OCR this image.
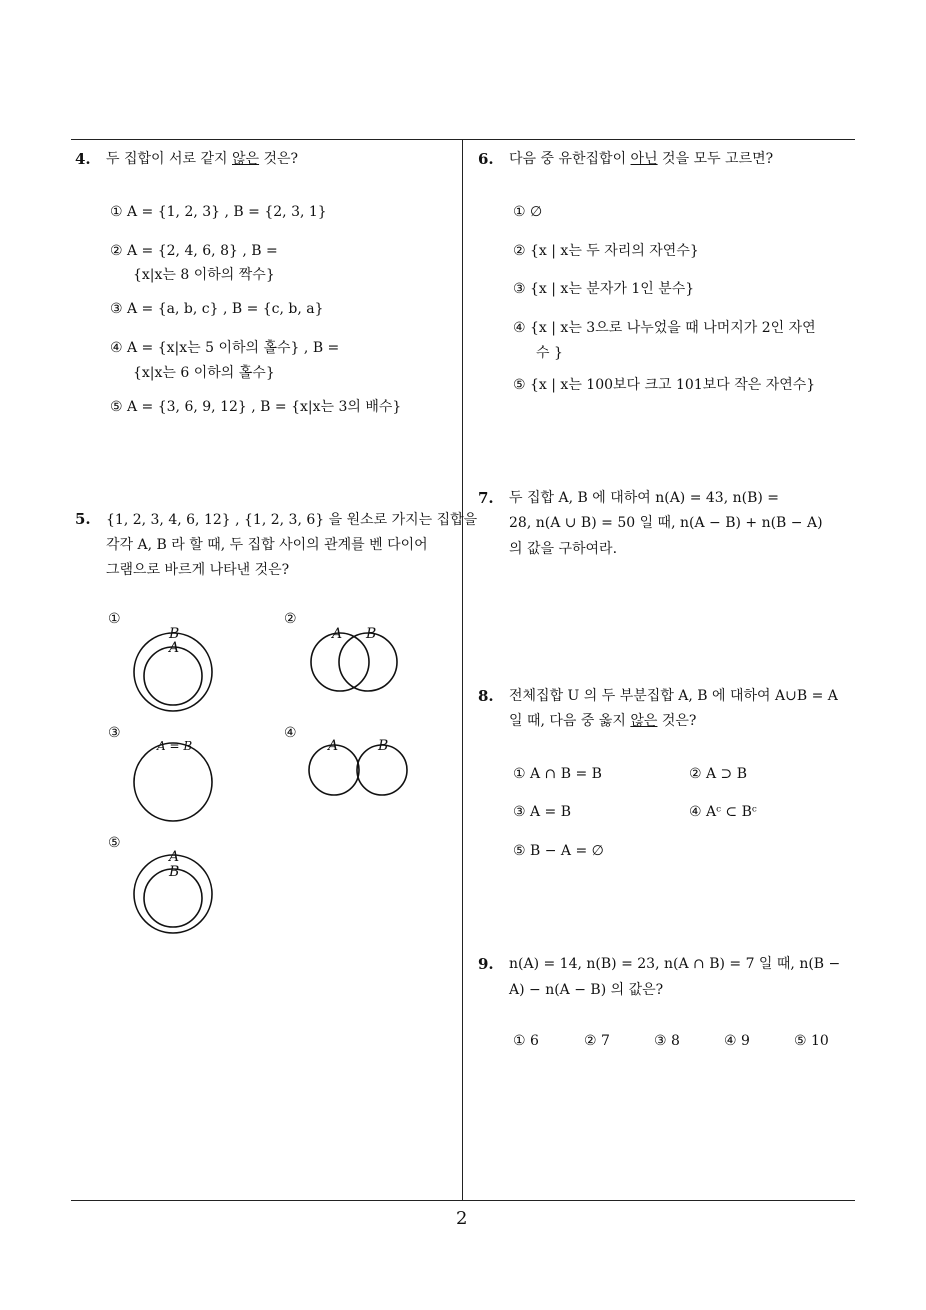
4. 두 집합이 서로 같지 않은 것은?
① A = {1, 2, 3} , B = {2, 3, 1}
② A = {2, 4, 6, 8} , B =
{x|x는 8 이하의 짝수}
③ A = {a, b, c} , B = {c, b, a}
④ A = {x|x는 5 이하의 홀수} , B =
{x|x는 6 이하의 홀수}
⑤ A = {3, 6, 9, 12} , B = {x|x는 3의 배수}
5. {1, 2, 3, 4, 6, 12} , {1, 2, 3, 6} 을 원소로 가지는 집합을
각각 A, B 라 할 때, 두 집합 사이의 관계를 벤 다이어
그램으로 바르게 나타낸 것은?
①	②
③	④
⑤
B
A
A B
A = B	A	B
A
B
6. 다음 중 유한집합이 아닌 것을 모두 고르면?
① ∅
② {x | x는 두 자리의 자연수}
③ {x | x는 분자가 1인 분수}
④ {x | x는 3으로 나누었을 때 나머지가 2인 자연
수 }
⑤ {x | x는 100보다 크고 101보다 작은 자연수}
7. 두 집합 A, B 에 대하여 n(A) = 43, n(B) =
28, n(A ∪ B) = 50 일 때, n(A − B) + n(B − A)
의 값을 구하여라.
8. 전체집합 U 의 두 부분집합 A, B 에 대하여 A∪B = A
일 때, 다음 중 옳지 않은 것은?
① A ∩ B = B	② A ⊃ B
③ A = B	④ Aᶜ ⊂ Bᶜ
⑤ B − A = ∅
9. n(A) = 14, n(B) = 23, n(A ∩ B) = 7 일 때, n(B −
A) − n(A − B) 의 값은?
① 6	② 7	③ 8	④ 9	⑤ 10
2
